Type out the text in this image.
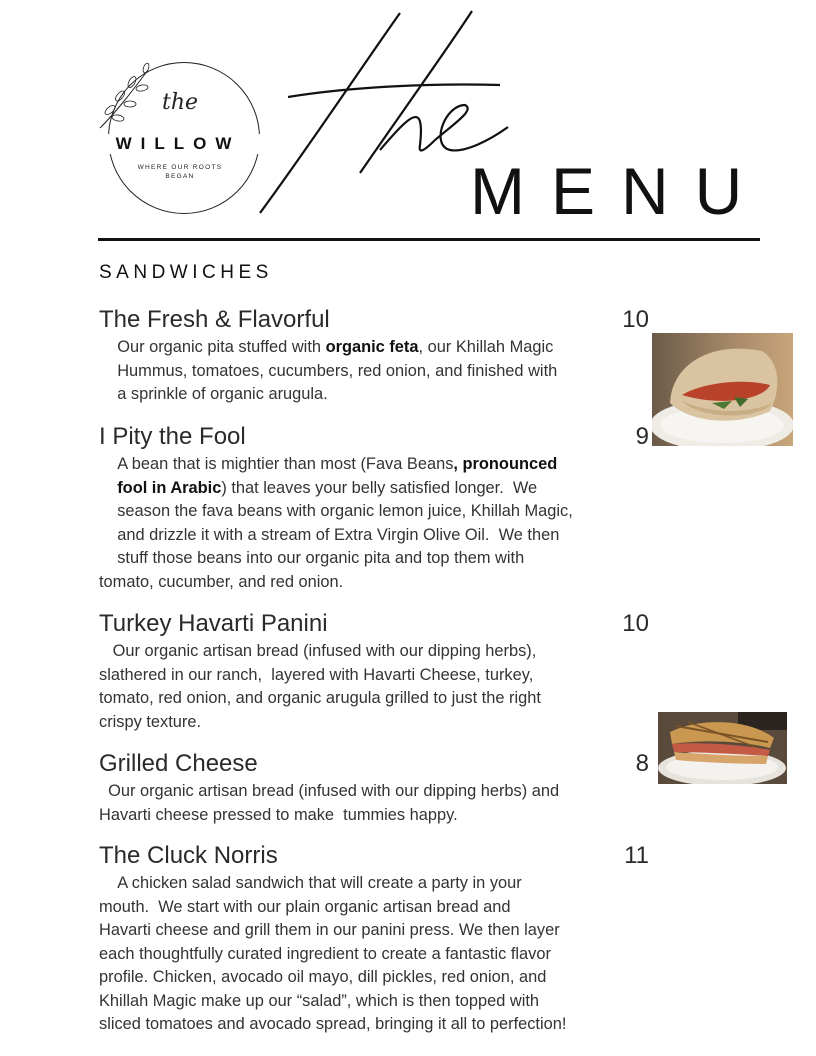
the
WILLOW
WHERE OUR ROOTS BEGAN	MENU
SANDWICHES
The Fresh & Flavorful	10
Our organic pita stuffed with organic feta, our Khillah Magic
Hummus, tomatoes, cucumbers, red onion, and finished with
a sprinkle of organic arugula.
I Pity the Fool	9
A bean that is mightier than most (Fava Beans, pronounced
fool in Arabic) that leaves your belly satisfied longer.  We
season the fava beans with organic lemon juice, Khillah Magic,
and drizzle it with a stream of Extra Virgin Olive Oil.  We then
stuff those beans into our organic pita and top them with
tomato, cucumber, and red onion.
Turkey Havarti Panini	10
Our organic artisan bread (infused with our dipping herbs),
slathered in our ranch,  layered with Havarti Cheese, turkey,
tomato, red onion, and organic arugula grilled to just the right
crispy texture.
Grilled Cheese	8
Our organic artisan bread (infused with our dipping herbs) and
Havarti cheese pressed to make  tummies happy.
The Cluck Norris	11
A chicken salad sandwich that will create a party in your
mouth.  We start with our plain organic artisan bread and
Havarti cheese and grill them in our panini press. We then layer
each thoughtfully curated ingredient to create a fantastic flavor
profile. Chicken, avocado oil mayo, dill pickles, red onion, and
Khillah Magic make up our “salad”, which is then topped with
sliced tomatoes and avocado spread, bringing it all to perfection!
